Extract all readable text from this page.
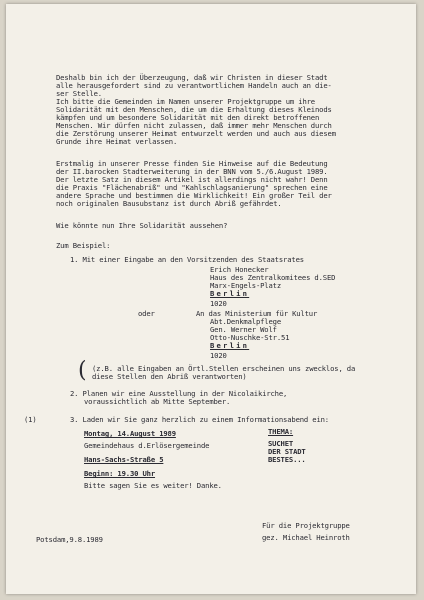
Deshalb bin ich der Überzeugung, daß wir Christen in dieser Stadt
alle herausgefordert sind zu verantwortlichem Handeln auch an die-
ser Stelle.
Ich bitte die Gemeinden im Namen unserer Projektgruppe um ihre
Solidarität mit den Menschen, die um die Erhaltung dieses Kleinods
kämpfen und um besondere Solidarität mit den direkt betroffenen
Menschen. Wir dürfen nicht zulassen, daß immer mehr Menschen durch
die Zerstörung unserer Heimat entwurzelt werden und auch aus diesem
Grunde ihre Heimat verlassen.
Erstmalig in unserer Presse finden Sie Hinweise auf die Bedeutung
der II.barocken Stadterweiterung in der BNN vom 5./6.August 1989.
Der letzte Satz in diesem Artikel ist allerdings nicht wahr! Denn
die Praxis "Flächenabriß" und "Kahlschlagsanierung" sprechen eine
andere Sprache und bestimmen die Wirklichkeit! Ein großer Teil der
noch originalen Bausubstanz ist durch Abriß gefährdet.
Wie könnte nun Ihre Solidarität aussehen?
Zum Beispiel:
1. Mit einer Eingabe an den Vorsitzenden des Staatsrates
Erich Honecker
Haus des Zentralkomitees d.SED
Marx-Engels-Platz
Berlin
1020
oder	An das Ministerium für Kultur
Abt.Denkmalpflege
Gen. Werner Wolf
Otto-Nuschke-Str.51
Berlin
1020
( (z.B. alle Eingaben an Örtl.Stellen erscheinen uns zwecklos, da
diese Stellen den Abriß verantworten)
2. Planen wir eine Ausstellung in der Nicolaikirche,
voraussichtlich ab Mitte September.
(1)	3. Laden wir Sie ganz herzlich zu einem Informationsabend ein:
Montag, 14.August 1989
Gemeindehaus d.Erlösergemeinde
Hans-Sachs-Straße 5
Beginn: 19.30 Uhr
THEMA:
SUCHET
DER STADT
BESTES...
Bitte sagen Sie es weiter! Danke.
Für die Projektgruppe
gez. Michael Heinroth
Potsdam,9.8.1989
